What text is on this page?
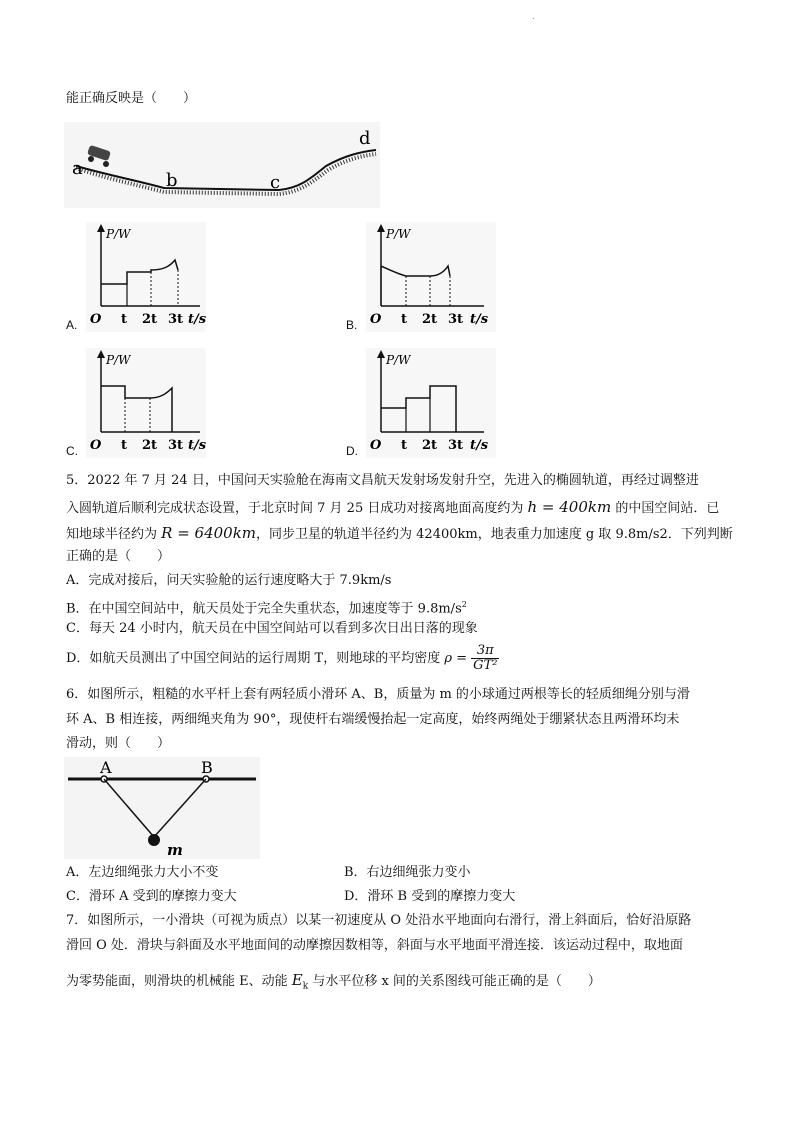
.
能正确反映是（　　）
a
b	c
d
A.
P/W
O t 2t 3t t/s	B.
P/W
O t 2t 3t t/s
C.
P/W
O t 2t 3t t/s	D.
P/W
O t 2t 3t t/s
5．2022 年 7 月 24 日，中国问天实验舱在海南文昌航天发射场发射升空，先进入的椭圆轨道，再经过调整进
入圆轨道后顺利完成状态设置，于北京时间 7 月 25 日成功对接离地面高度约为 h = 400km 的中国空间站．已
知地球半径约为 R = 6400km，同步卫星的轨道半径约为 42400km，地表重力加速度 g 取 9.8m/s2．下列判断
正确的是（　　）
A．完成对接后，问天实验舱的运行速度略大于 7.9km/s
B．在中国空间站中，航天员处于完全失重状态，加速度等于 $9.8m/s^2$
C．每天 24 小时内，航天员在中国空间站可以看到多次日出日落的现象
D．如航天员测出了中国空间站的运行周期 T，则地球的平均密度 $\rho = \frac{3\pi}{\text{GT²}}$
6．如图所示，粗糙的水平杆上套有两轻质小滑环 A、B，质量为 m 的小球通过两根等长的轻质细绳分别与滑
环 A、B 相连接，两细绳夹角为 90°，现使杆右端缓慢抬起一定高度，始终两绳处于绷紧状态且两滑环均未
滑动，则（　　）
A	B
m
A．左边细绳张力大小不变	B．右边细绳张力变小
C．滑环 A 受到的摩擦力变大	D．滑环 B 受到的摩擦力变大
7．如图所示，一小滑块（可视为质点）以某一初速度从 O 处沿水平地面向右滑行，滑上斜面后，恰好沿原路
滑回 O 处．滑块与斜面及水平地面间的动摩擦因数相等，斜面与水平地面平滑连接．该运动过程中，取地面
为零势能面，则滑块的机械能 E、动能 $E_k$ 与水平位移 x 间的关系图线可能正确的是（　　）
